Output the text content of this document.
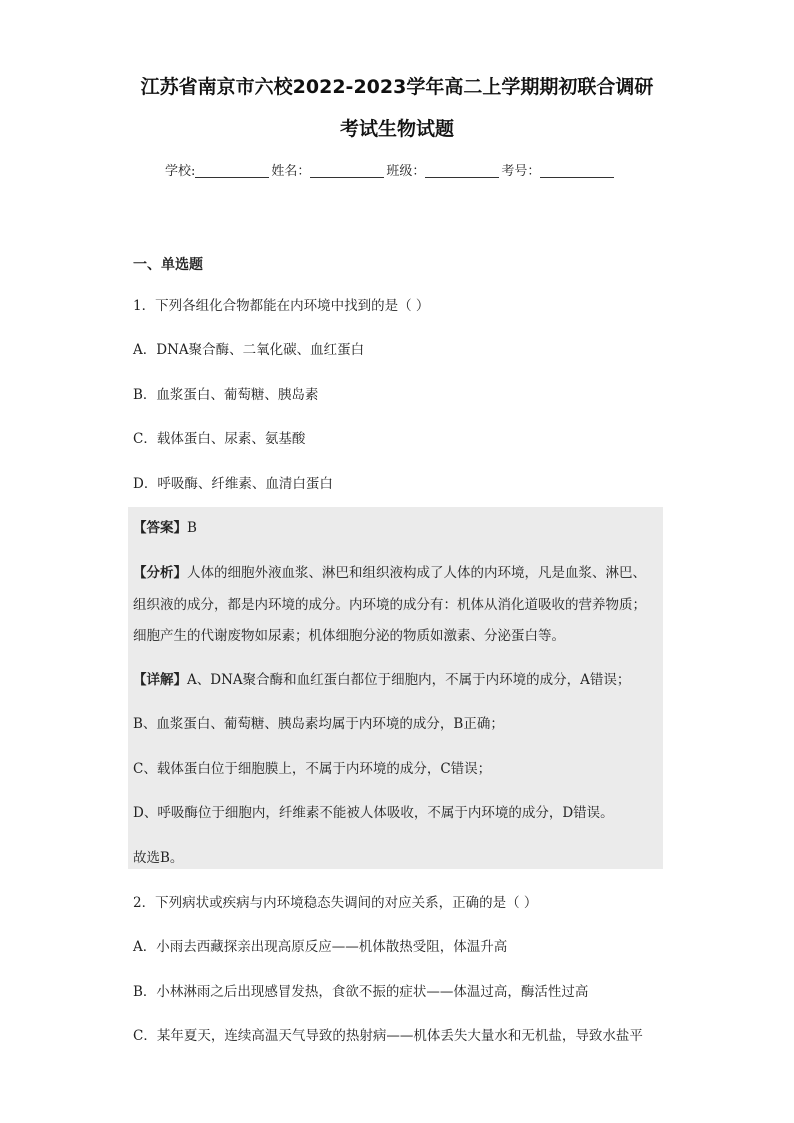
江苏省南京市六校2022-2023学年高二上学期期初联合调研
考试生物试题
学校:	姓名：	班级：	考号：
一、单选题

1．下列各组化合物都能在内环境中找到的是（ ）

A．DNA聚合酶、二氧化碳、血红蛋白

B．血浆蛋白、葡萄糖、胰岛素

C．载体蛋白、尿素、氨基酸

D．呼吸酶、纤维素、血清白蛋白

【答案】B

【分析】人体的细胞外液血浆、淋巴和组织液构成了人体的内环境，凡是血浆、淋巴、

组织液的成分，都是内环境的成分。内环境的成分有：机体从消化道吸收的营养物质；

细胞产生的代谢废物如尿素；机体细胞分泌的物质如激素、分泌蛋白等。

【详解】A、DNA聚合酶和血红蛋白都位于细胞内，不属于内环境的成分，A错误；

B、血浆蛋白、葡萄糖、胰岛素均属于内环境的成分，B正确；

C、载体蛋白位于细胞膜上，不属于内环境的成分，C错误；

D、呼吸酶位于细胞内，纤维素不能被人体吸收，不属于内环境的成分，D错误。

故选B。

2．下列病状或疾病与内环境稳态失调间的对应关系，正确的是（ ）

A．小雨去西藏探亲出现高原反应——机体散热受阻，体温升高

B．小林淋雨之后出现感冒发热，食欲不振的症状——体温过高，酶活性过高

C．某年夏天，连续高温天气导致的热射病——机体丢失大量水和无机盐，导致水盐平
